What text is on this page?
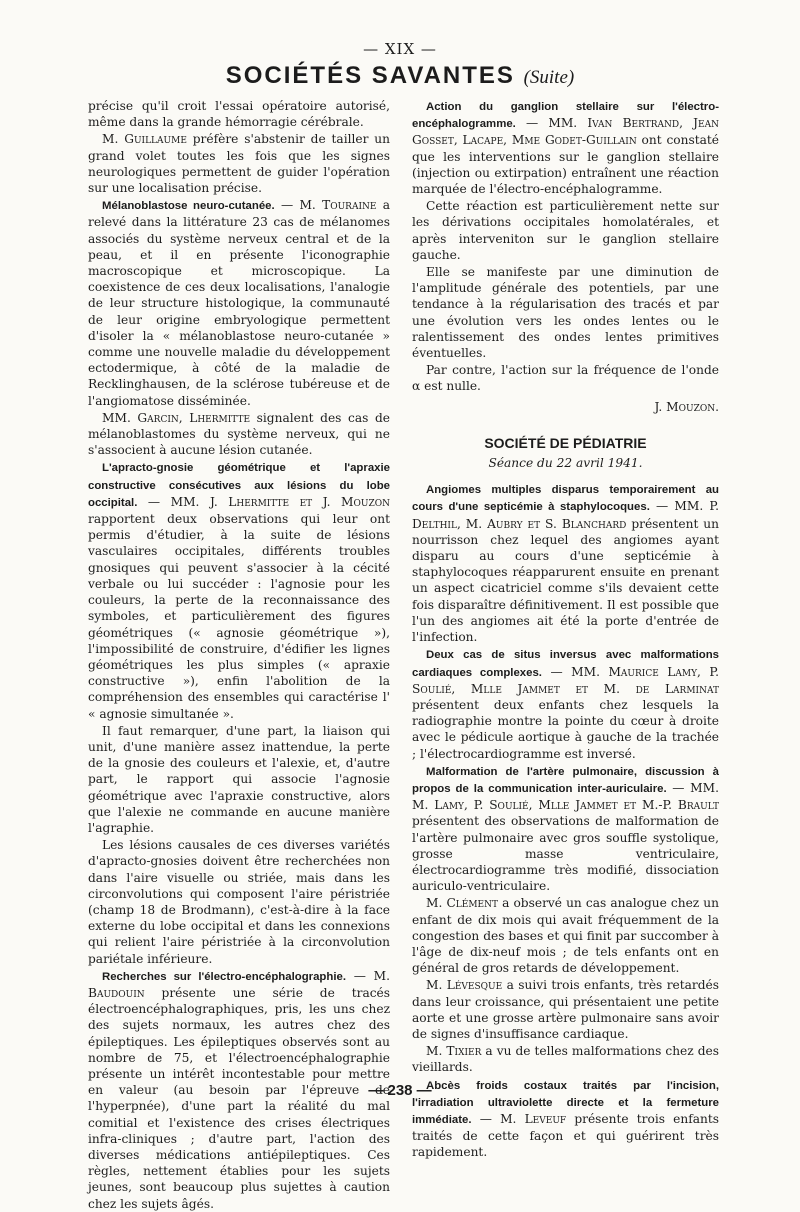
— XIX —
SOCIÉTÉS SAVANTES (Suite)

précise qu'il croit l'essai opératoire autorisé, même dans la grande hémorragie cérébrale.

M. Guillaume préfère s'abstenir de tailler un grand volet toutes les fois que les signes neurologiques permettent de guider l'opération sur une localisation précise.

Mélanoblastose neuro-cutanée. — M. Touraine a relevé dans la littérature 23 cas de mélanomes associés du système nerveux central et de la peau, et il en présente l'iconographie macroscopique et microscopique. La coexistence de ces deux localisations, l'analogie de leur structure histologique, la communauté de leur origine embryologique permettent d'isoler la « mélanoblastose neuro-cutanée » comme une nouvelle maladie du développement ectodermique, à côté de la maladie de Recklinghausen, de la sclérose tubéreuse et de l'angiomatose disséminée.

MM. Garcin, Lhermitte signalent des cas de mélanoblastomes du système nerveux, qui ne s'associent à aucune lésion cutanée.

L'apracto-gnosie géométrique et l'apraxie constructive consécutives aux lésions du lobe occipital. — MM. J. Lhermitte et J. Mouzon rapportent deux observations qui leur ont permis d'étudier, à la suite de lésions vasculaires occipitales, différents troubles gnosiques qui peuvent s'associer à la cécité verbale ou lui succéder : l'agnosie pour les couleurs, la perte de la reconnaissance des symboles, et particulièrement des figures géométriques (« agnosie géométrique »), l'impossibilité de construire, d'édifier les lignes géométriques les plus simples (« apraxie constructive »), enfin l'abolition de la compréhension des ensembles qui caractérise l' « agnosie simultanée ».

Il faut remarquer, d'une part, la liaison qui unit, d'une manière assez inattendue, la perte de la gnosie des couleurs et l'alexie, et, d'autre part, le rapport qui associe l'agnosie géométrique avec l'apraxie constructive, alors que l'alexie ne commande en aucune manière l'agraphie.

Les lésions causales de ces diverses variétés d'apracto-gnosies doivent être recherchées non dans l'aire visuelle ou striée, mais dans les circonvolutions qui composent l'aire péristriée (champ 18 de Brodmann), c'est-à-dire à la face externe du lobe occipital et dans les connexions qui relient l'aire péristriée à la circonvolution pariétale inférieure.

Recherches sur l'électro-encéphalographie. — M. Baudouin présente une série de tracés électroencéphalographiques, pris, les uns chez des sujets normaux, les autres chez des épileptiques. Les épileptiques observés sont au nombre de 75, et l'électroencéphalographie présente un intérêt incontestable pour mettre en valeur (au besoin par l'épreuve de l'hyperpnée), d'une part la réalité du mal comitial et l'existence des crises électriques infra-cliniques ; d'autre part, l'action des diverses médications antiépileptiques. Ces règles, nettement établies pour les sujets jeunes, sont beaucoup plus sujettes à caution chez les sujets âgés.

Action du ganglion stellaire sur l'électro-encéphalogramme. — MM. Ivan Bertrand, Jean Gosset, Lacape, Mme Godet-Guillain ont constaté que les interventions sur le ganglion stellaire (injection ou extirpation) entraînent une réaction marquée de l'électro-encéphalogramme.

Cette réaction est particulièrement nette sur les dérivations occipitales homolatérales, et après interveniton sur le ganglion stellaire gauche.

Elle se manifeste par une diminution de l'amplitude générale des potentiels, par une tendance à la régularisation des tracés et par une évolution vers les ondes lentes ou le ralentissement des ondes lentes primitives éventuelles.

Par contre, l'action sur la fréquence de l'onde α est nulle.

J. Mouzon.

SOCIÉTÉ DE PÉDIATRIE

Séance du 22 avril 1941.

Angiomes multiples disparus temporairement au cours d'une septicémie à staphylocoques. — MM. P. Delthil, M. Aubry et S. Blanchard présentent un nourrisson chez lequel des angiomes ayant disparu au cours d'une septicémie à staphylocoques réapparurent ensuite en prenant un aspect cicatriciel comme s'ils devaient cette fois disparaître définitivement. Il est possible que l'un des angiomes ait été la porte d'entrée de l'infection.

Deux cas de situs inversus avec malformations cardiaques complexes. — MM. Maurice Lamy, P. Soulié, Mlle Jammet et M. de Larminat présentent deux enfants chez lesquels la radiographie montre la pointe du cœur à droite avec le pédicule aortique à gauche de la trachée ; l'électrocardiogramme est inversé.

Malformation de l'artère pulmonaire, discussion à propos de la communication inter-auriculaire. — MM. M. Lamy, P. Soulié, Mlle Jammet et M.-P. Brault présentent des observations de malformation de l'artère pulmonaire avec gros souffle systolique, grosse masse ventriculaire, électrocardiogramme très modifié, dissociation auriculo-ventriculaire.

M. Clément a observé un cas analogue chez un enfant de dix mois qui avait fréquemment de la congestion des bases et qui finit par succomber à l'âge de dix-neuf mois ; de tels enfants ont en général de gros retards de développement.

M. Lévesque a suivi trois enfants, très retardés dans leur croissance, qui présentaient une petite aorte et une grosse artère pulmonaire sans avoir de signes d'insuffisance cardiaque.

M. Tixier a vu de telles malformations chez des vieillards.

Abcès froids costaux traités par l'incision, l'irradiation ultraviolette directe et la fermeture immédiate. — M. Leveuf présente trois enfants traités de cette façon et qui guérirent très rapidement.

— 238 —
